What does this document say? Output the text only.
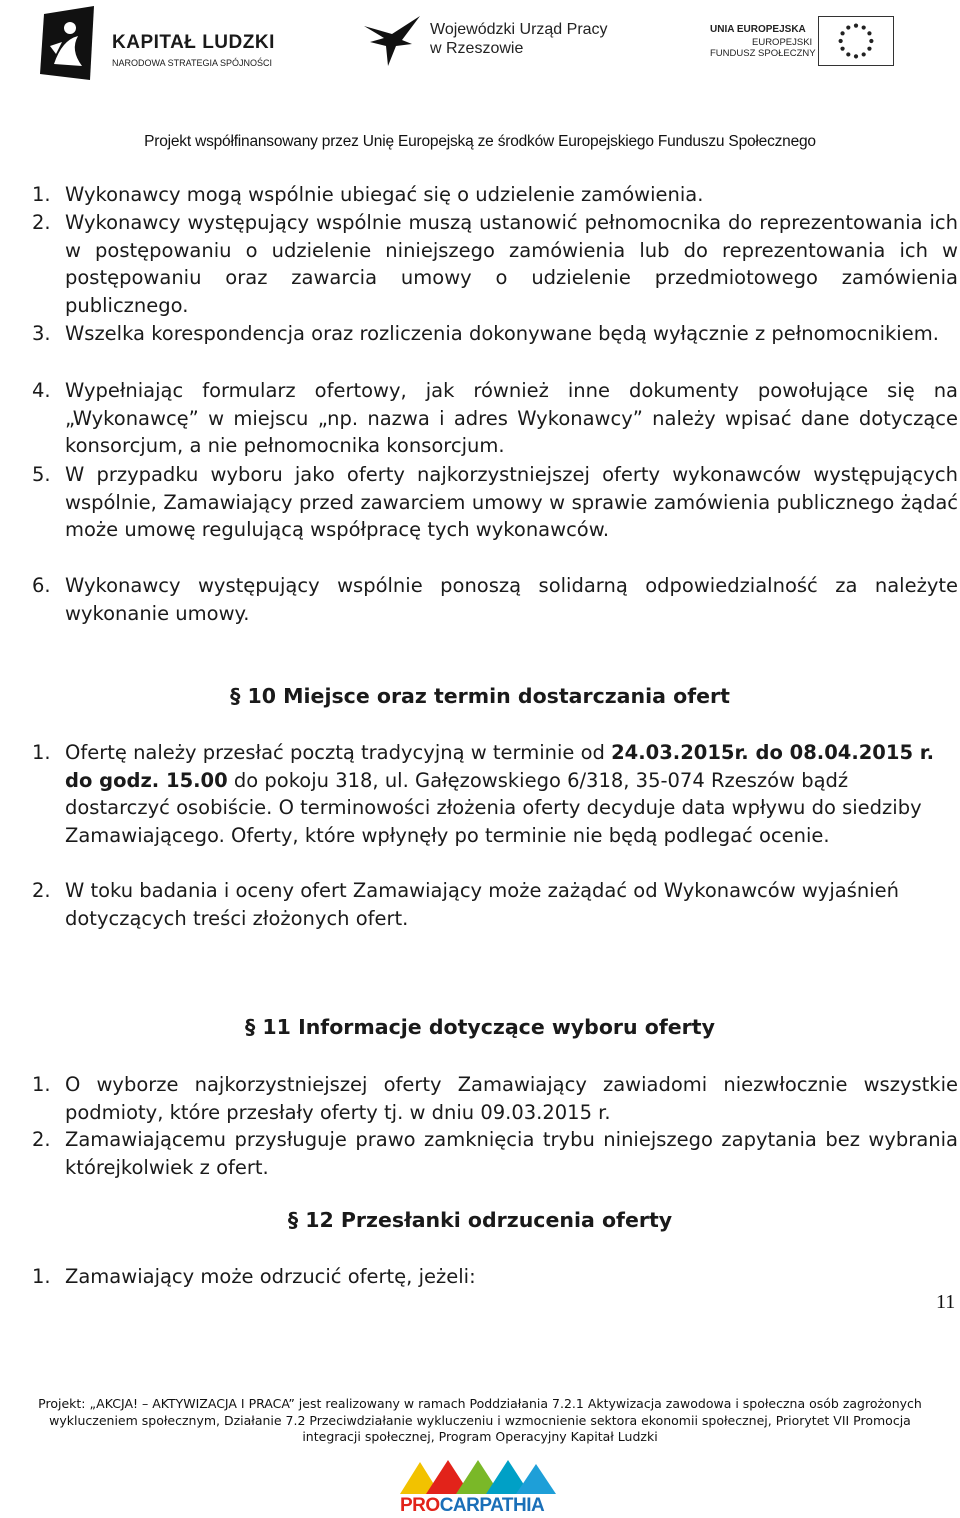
KAPITAŁ LUDZKI
NARODOWA STRATEGIA SPÓJNOŚCI
Wojewódzki Urząd Pracy
w Rzeszowie
UNIA EUROPEJSKA
EUROPEJSKI
FUNDUSZ SPOŁECZNY
Projekt współfinansowany przez Unię Europejską ze środków Europejskiego Funduszu Społecznego
1. Wykonawcy mogą wspólnie ubiegać się o udzielenie zamówienia.
2. Wykonawcy występujący wspólnie muszą ustanowić pełnomocnika do reprezentowania ich w postępowaniu o udzielenie niniejszego zamówienia lub do reprezentowania ich w postępowaniu oraz zawarcia umowy o udzielenie przedmiotowego zamówienia publicznego.
3. Wszelka korespondencja oraz rozliczenia dokonywane będą wyłącznie z pełnomocnikiem.
4. Wypełniając formularz ofertowy, jak również inne dokumenty powołujące się na „Wykonawcę” w miejscu „np. nazwa i adres Wykonawcy” należy wpisać dane dotyczące konsorcjum, a nie pełnomocnika konsorcjum.
5. W przypadku wyboru jako oferty najkorzystniejszej oferty wykonawców występujących wspólnie, Zamawiający przed zawarciem umowy w sprawie zamówienia publicznego żądać może umowę regulującą współpracę tych wykonawców.
6. Wykonawcy występujący wspólnie ponoszą solidarną odpowiedzialność za należyte wykonanie umowy.
§ 10 Miejsce oraz termin dostarczania ofert
1. Ofertę należy przesłać pocztą tradycyjną w terminie od 24.03.2015r. do 08.04.2015 r. do godz. 15.00 do pokoju 318, ul. Gałęzowskiego 6/318, 35-074 Rzeszów bądź dostarczyć osobiście. O terminowości złożenia oferty decyduje data wpływu do siedziby Zamawiającego. Oferty, które wpłynęły po terminie nie będą podlegać ocenie.
2. W toku badania i oceny ofert Zamawiający może zażądać od Wykonawców wyjaśnień dotyczących treści złożonych ofert.
§ 11 Informacje dotyczące wyboru oferty
1. O wyborze najkorzystniejszej oferty Zamawiający zawiadomi niezwłocznie wszystkie podmioty, które przesłały oferty tj. w dniu 09.03.2015 r.
2. Zamawiającemu przysługuje prawo zamknięcia trybu niniejszego zapytania bez wybrania którejkolwiek z ofert.
§ 12 Przesłanki odrzucenia oferty
1. Zamawiający może odrzucić ofertę, jeżeli:
11
Projekt: „AKCJA! – AKTYWIZACJA I PRACA” jest realizowany w ramach Poddziałania 7.2.1 Aktywizacja zawodowa i społeczna osób zagrożonych
wykluczeniem społecznym, Działanie 7.2 Przeciwdziałanie wykluczeniu i wzmocnienie sektora ekonomii społecznej, Priorytet VII Promocja
integracji społecznej, Program Operacyjny Kapitał Ludzki
PROCARPATHIA
